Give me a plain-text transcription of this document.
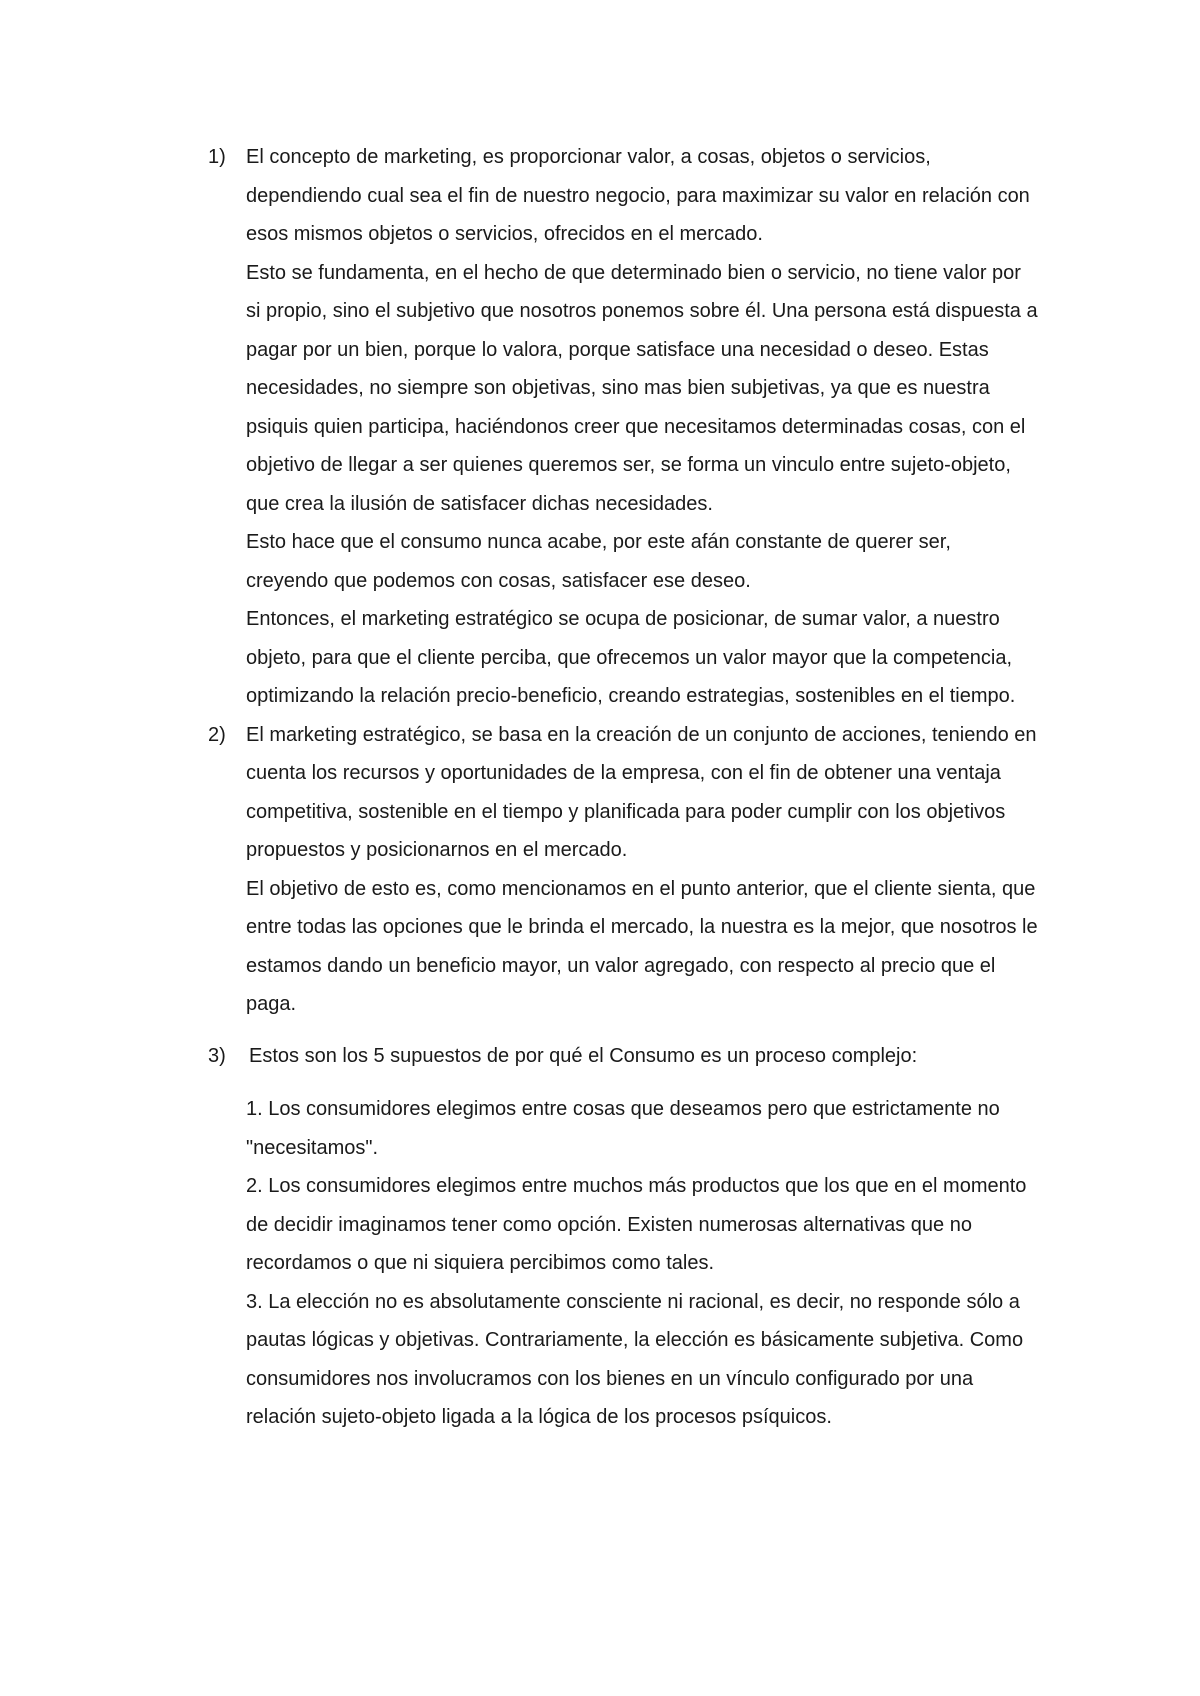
1)	El concepto de marketing, es proporcionar valor, a cosas, objetos o servicios, dependiendo cual sea el fin de nuestro negocio, para maximizar su valor en relación con esos mismos objetos o servicios, ofrecidos en el mercado.

Esto se fundamenta, en el hecho de que determinado bien o servicio, no tiene valor por si propio, sino el subjetivo que nosotros ponemos sobre él. Una persona está dispuesta a pagar por un bien, porque lo valora, porque satisface una necesidad o deseo. Estas necesidades, no siempre son objetivas, sino mas bien subjetivas, ya que es nuestra psiquis quien participa, haciéndonos creer que necesitamos determinadas cosas, con el objetivo de llegar a ser quienes queremos ser, se forma un vinculo entre sujeto-objeto, que crea la ilusión de satisfacer dichas necesidades.

Esto hace que el consumo nunca acabe, por este afán constante de querer ser, creyendo que podemos con cosas, satisfacer ese deseo.

Entonces, el marketing estratégico se ocupa de posicionar, de sumar valor, a nuestro objeto, para que el cliente perciba, que ofrecemos un valor mayor que la competencia, optimizando la relación precio-beneficio, creando estrategias, sostenibles en el tiempo.

2)	El marketing estratégico, se basa en la creación de un conjunto de acciones, teniendo en cuenta los recursos y oportunidades de la empresa, con el fin de obtener una ventaja competitiva, sostenible en el tiempo y planificada para poder cumplir con los objetivos propuestos y posicionarnos en el mercado.

El objetivo de esto es, como mencionamos en el punto anterior, que el cliente sienta, que entre todas las opciones que le brinda el mercado, la nuestra es la mejor, que nosotros le estamos dando un beneficio mayor, un valor agregado, con respecto al precio que el paga.

3)	Estos son los 5 supuestos de por qué el Consumo es un proceso complejo:

1. Los consumidores elegimos entre cosas que deseamos pero que estrictamente no "necesitamos".

2. Los consumidores elegimos entre muchos más productos que los que en el momento de decidir imaginamos tener como opción. Existen numerosas alternativas que no recordamos o que ni siquiera percibimos como tales.

3. La elección no es absolutamente consciente ni racional, es decir, no responde sólo a pautas lógicas y objetivas. Contrariamente, la elección es básicamente subjetiva. Como consumidores nos involucramos con los bienes en un vínculo configurado por una relación sujeto-objeto ligada a la lógica de los procesos psíquicos.
